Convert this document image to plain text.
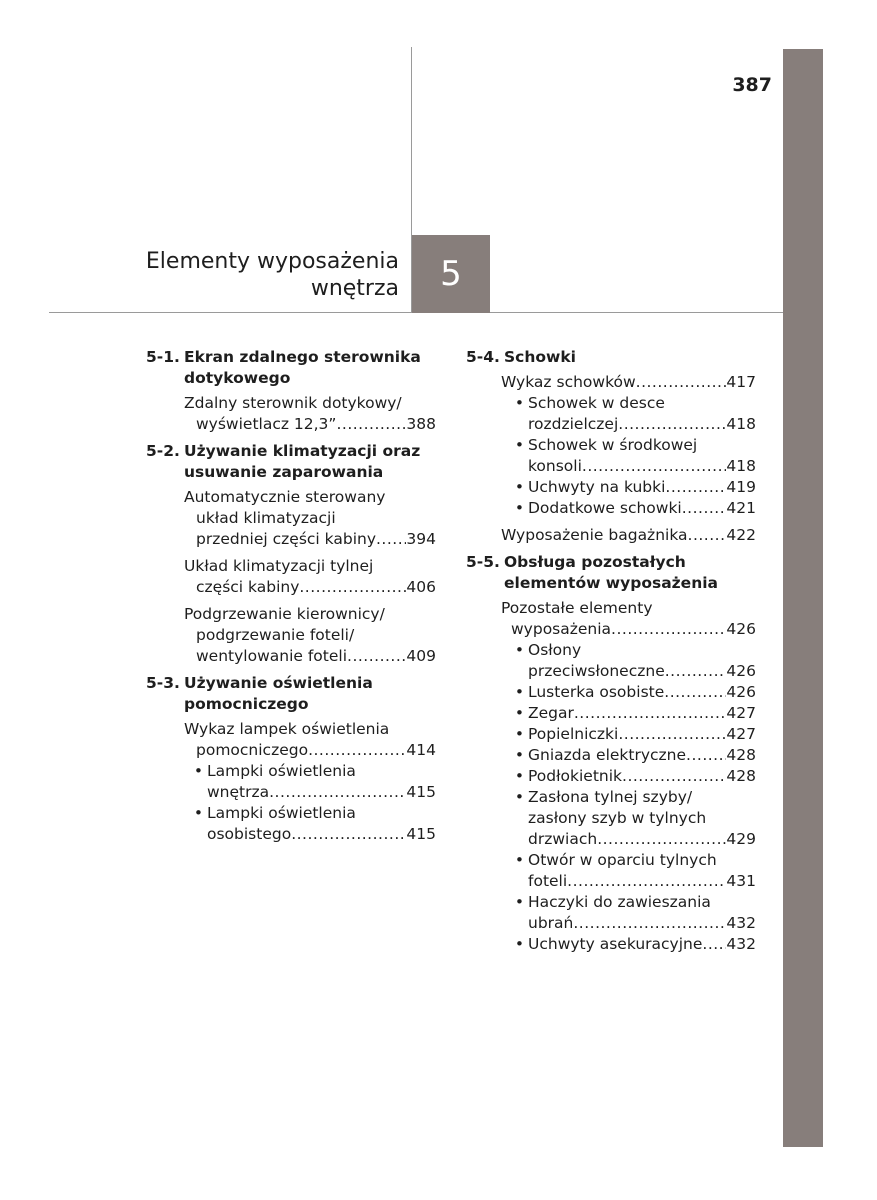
387
Elementy wyposażenia
wnętrza 5
5-1. Ekran zdalnego sterownika dotykowego
Zdalny sterownik dotykowy/
wyświetlacz 12,3” .....	388
5-2. Używanie klimatyzacji oraz usuwanie zaparowania
Automatycznie sterowany
układ klimatyzacji
przedniej części kabiny ..... 394
Układ klimatyzacji tylnej
części kabiny .....	406
Podgrzewanie kierownicy/
podgrzewanie foteli/
wentylowanie foteli .....	409
5-3. Używanie oświetlenia pomocniczego
Wykaz lampek oświetlenia
pomocniczego .....	414
• Lampki oświetlenia
wnętrza .....	415
• Lampki oświetlenia
osobistego .....	415
5-4. Schowki
Wykaz schowków .....	417
• Schowek w desce
rozdzielczej .....	418
• Schowek w środkowej
konsoli .....	418
• Uchwyty na kubki .....	419
• Dodatkowe schowki .....	421
Wyposażenie bagażnika .....	422
5-5. Obsługa pozostałych elementów wyposażenia
Pozostałe elementy
wyposażenia .....	426
• Osłony
przeciwsłoneczne .....	426
• Lusterka osobiste .....	426
• Zegar .....	427
• Popielniczki .....	427
• Gniazda elektryczne .....	428
• Podłokietnik .....	428
• Zasłona tylnej szyby/
zasłony szyb w tylnych
drzwiach .....	429
• Otwór w oparciu tylnych
foteli .....	431
• Haczyki do zawieszania
ubrań .....	432
• Uchwyty asekuracyjne ..... 432
